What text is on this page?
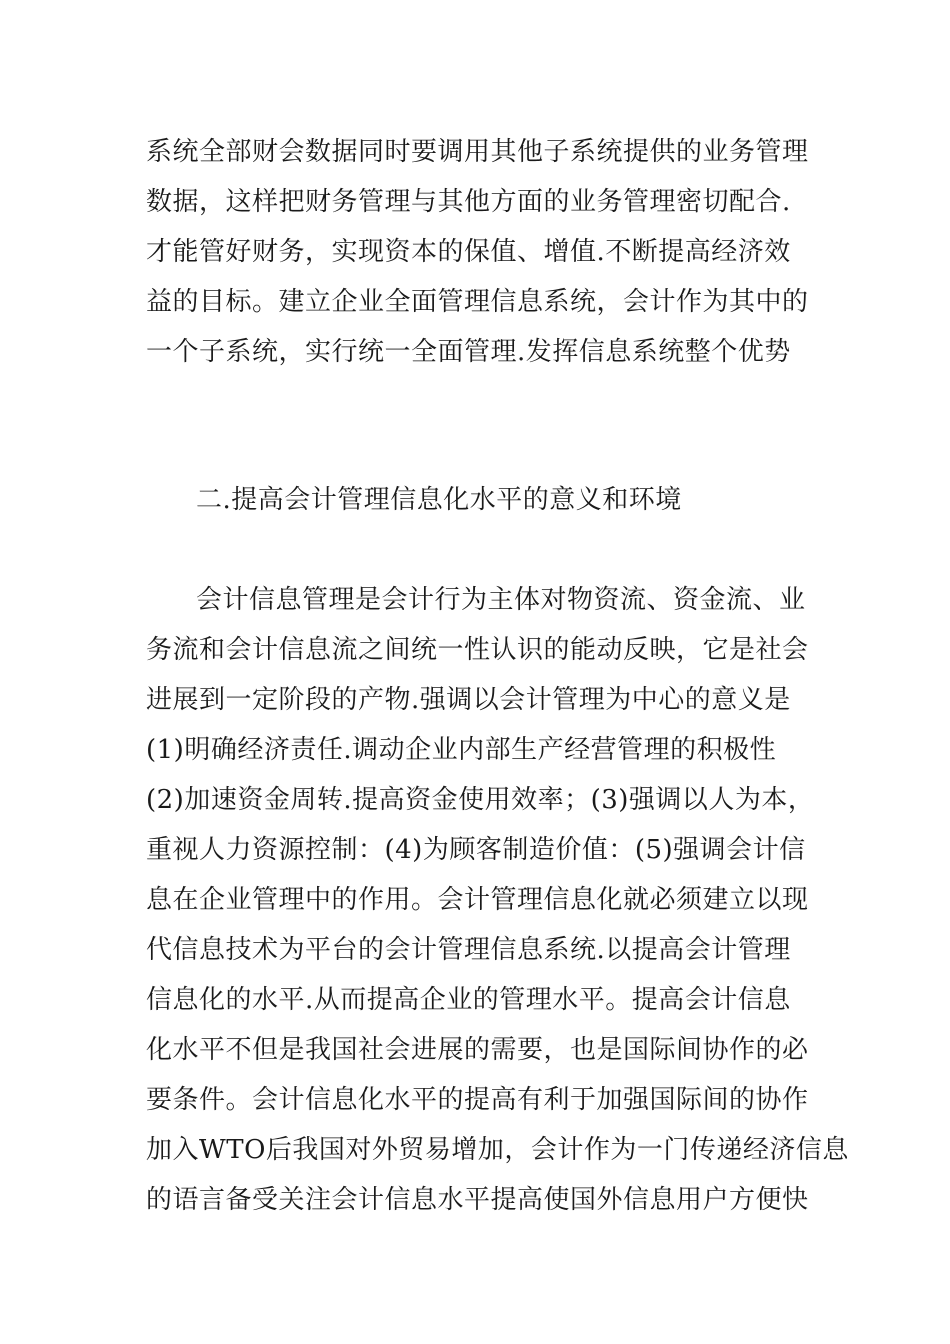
系统全部财会数据同时要调用其他子系统提供的业务管理
数据，这样把财务管理与其他方面的业务管理密切配合.
才能管好财务，实现资本的保值、增值.不断提高经济效
益的目标。建立企业全面管理信息系统，会计作为其中的
一个子系统，实行统一全面管理.发挥信息系统整个优势
二.提高会计管理信息化水平的意义和环境
会计信息管理是会计行为主体对物资流、资金流、业
务流和会计信息流之间统一性认识的能动反映，它是社会
进展到一定阶段的产物.强调以会计管理为中心的意义是
(1)明确经济责任.调动企业内部生产经营管理的积极性
(2)加速资金周转.提高资金使用效率；(3)强调以人为本，
重视人力资源控制：(4)为顾客制造价值：(5)强调会计信
息在企业管理中的作用。会计管理信息化就必须建立以现
代信息技术为平台的会计管理信息系统.以提高会计管理
信息化的水平.从而提高企业的管理水平。提高会计信息
化水平不但是我国社会进展的需要，也是国际间协作的必
要条件。会计信息化水平的提高有利于加强国际间的协作
加入WTO后我国对外贸易增加，会计作为一门传递经济信息
的语言备受关注会计信息水平提高使国外信息用户方便快
